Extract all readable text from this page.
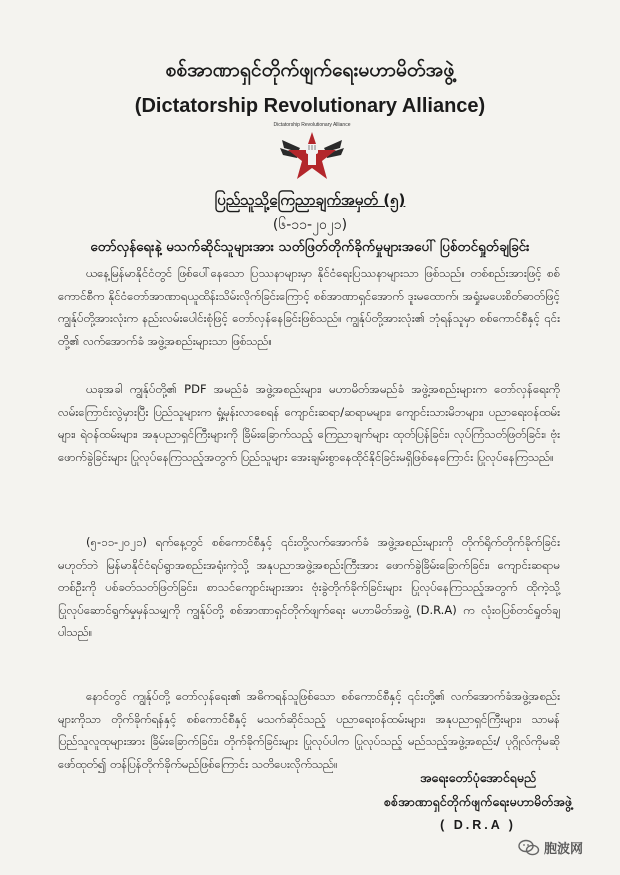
စစ်အာဏာရှင်တိုက်ဖျက်ရေးမဟာမိတ်အဖွဲ့
(Dictatorship Revolutionary Alliance)
Dictatorship Revolutionary Alliance
ပြည်သူသို့ကြေညာချက်အမှတ် (၅)
(၆-၁၁-၂၀၂၁)
တော်လှန်ရေးနဲ့ မသက်ဆိုင်သူများအား သတ်ဖြတ်တိုက်ခိုက်မှုများအပေါ် ပြစ်တင်ရှုတ်ချခြင်း

ယနေ့မြန်မာနိုင်ငံတွင် ဖြစ်ပေါ်နေသော ပြဿနာများမှာ နိုင်ငံရေးပြဿနာများသာ ဖြစ်သည်။ တစ်စည်းအားဖြင့် စစ်ကောင်စီက နိုင်ငံတော်အာဏာရယူထိန်းသိမ်းလိုက်ခြင်းကြောင့် စစ်အာဏာရှင်အောက် ဒူးမထောက်၊ အရှုံးမပေးစိတ်ဓာတ်ဖြင့် ကျွန်ုပ်တို့အားလုံးက နည်းလမ်းပေါင်းစုံဖြင့် တော်လှန်နေခြင်းဖြစ်သည်။ ကျွန်ုပ်တို့အားလုံး၏ ဘုံရန်သူမှာ စစ်ကောင်စီနှင့် ၎င်းတို့၏ လက်အောက်ခံ အဖွဲ့အစည်းများသာ ဖြစ်သည်။

ယခုအခါ ကျွန်ုပ်တို့၏ PDF အမည်ခံ အဖွဲ့အစည်းများ၊ မဟာမိတ်အမည်ခံ အဖွဲ့အစည်းများက တော်လှန်ရေးကို လမ်းကြောင်းလွဲမှားပြီး ပြည်သူများက ရှုံ့မုန်းလာစေရန် ကျောင်းဆရာ/ဆရာမများ၊ ကျောင်းသားမိဘများ၊ ပညာရေးဝန်ထမ်းများ၊ ရဲဝန်ထမ်းများ၊ အနုပညာရှင်ကြီးများကို ခြိမ်းခြောက်သည့် ကြေညာချက်များ ထုတ်ပြန်ခြင်း၊ လုပ်ကြံသတ်ဖြတ်ခြင်း၊ ဗုံးဖောက်ခွဲခြင်းများ ပြုလုပ်နေကြသည့်အတွက် ပြည်သူများ အေးချမ်းစွာနေထိုင်နိုင်ခြင်းမရှိဖြစ်နေကြောင်း ပြုလုပ်နေကြသည်။

(၅-၁၁-၂၀၂၁) ရက်နေ့တွင် စစ်ကောင်စီနှင့် ၎င်းတို့လက်အောက်ခံ အဖွဲ့အစည်းများကို တိုက်ရိုက်တိုက်ခိုက်ခြင်း မဟုတ်ဘဲ မြန်မာနိုင်ငံရပ်ရွာအစည်းအရုံးကဲ့သို့ အနုပညာအဖွဲ့အစည်းကြီးအား ဖောက်ခွဲခြိမ်းခြောက်ခြင်း၊ ကျောင်းဆရာမတစ်ဦးကို ပစ်ခတ်သတ်ဖြတ်ခြင်း၊ စာသင်ကျောင်းများအား ဗုံးခွဲတိုက်ခိုက်ခြင်းများ ပြုလုပ်နေကြသည့်အတွက် ထိုကဲ့သို့ ပြုလုပ်ဆောင်ရွက်မှုမှန်သမျှကို ကျွန်ုပ်တို့ စစ်အာဏာရှင်တိုက်ဖျက်ရေး မဟာမိတ်အဖွဲ့ (D.R.A) က လုံးဝပြစ်တင်ရှုတ်ချပါသည်။

နောင်တွင် ကျွန်ုပ်တို့ တော်လှန်ရေး၏ အဓိကရန်သူဖြစ်သော စစ်ကောင်စီနှင့် ၎င်းတို့၏ လက်အောက်ခံအဖွဲ့အစည်းများကိုသာ တိုက်ခိုက်ရန်နှင့် စစ်ကောင်စီနှင့် မသက်ဆိုင်သည့် ပညာရေးဝန်ထမ်းများ၊ အနုပညာရှင်ကြီးများ၊ သာမန်ပြည်သူလူထုများအား ခြိမ်းခြောက်ခြင်း၊ တိုက်ခိုက်ခြင်းများ ပြုလုပ်ပါက ပြုလုပ်သည့် မည်သည့်အဖွဲ့အစည်း/ ပုဂ္ဂိုလ်ကိုမဆို ဖော်ထုတ်၍ တန်ပြန်တိုက်ခိုက်မည်ဖြစ်ကြောင်း သတိပေးလိုက်သည်။

အရေးတော်ပုံအောင်ရမည်
စစ်အာဏာရှင်တိုက်ဖျက်ရေးမဟာမိတ်အဖွဲ့
( D.R.A )
胞波网
